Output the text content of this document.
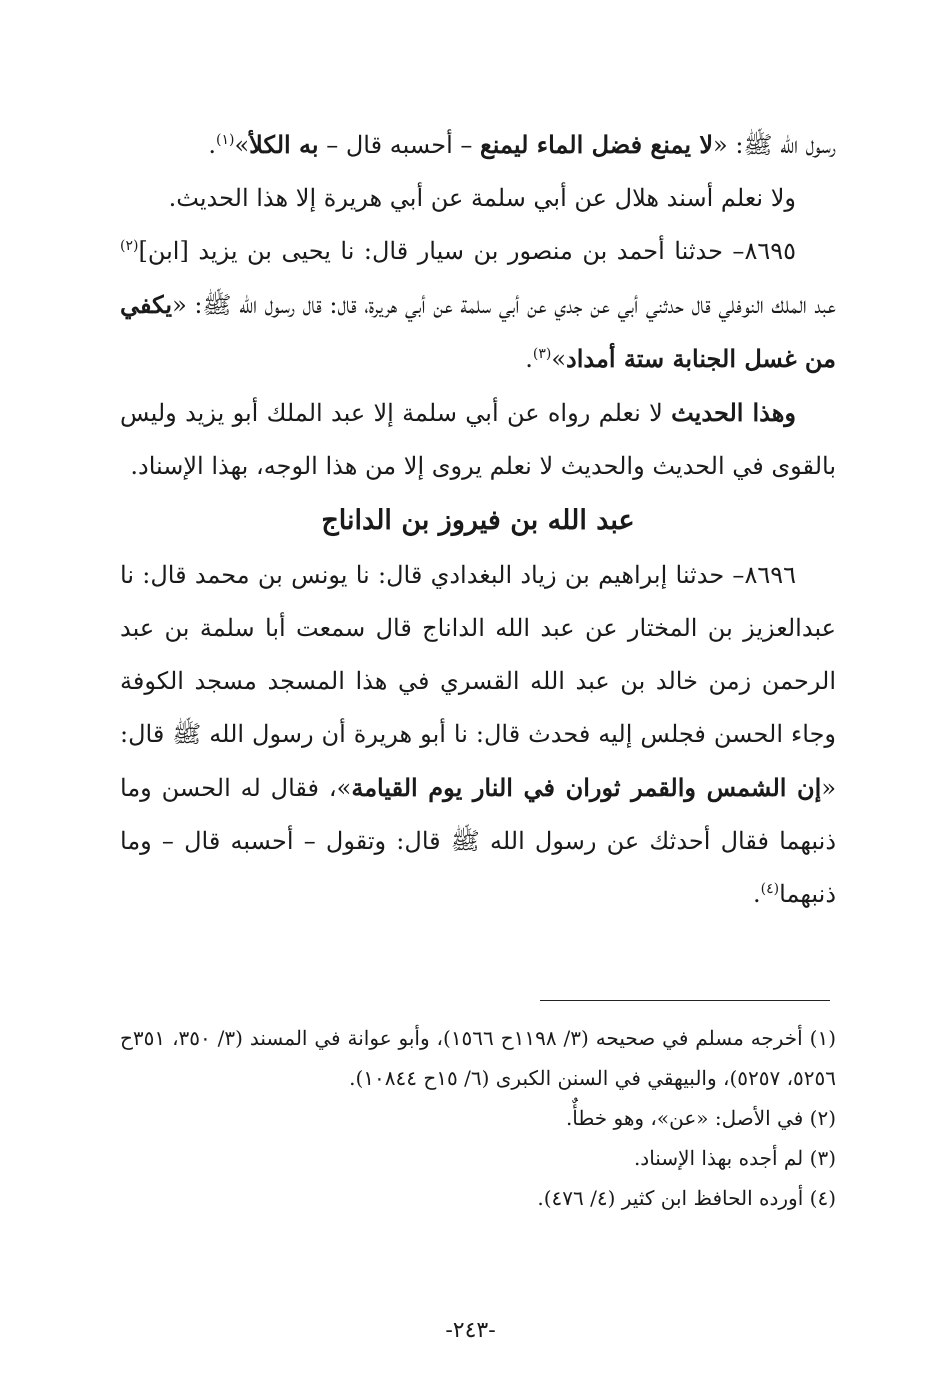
رسول الله ﷺ: «لا يمنع فضل الماء ليمنع – أحسبه قال – به الكلأ»$^{(١)}$.

ولا نعلم أسند هلال عن أبي سلمة عن أبي هريرة إلا هذا الحديث.

٨٦٩٥– حدثنا أحمد بن منصور بن سيار قال: نا يحيى بن يزيد [ابن]$^{(٢)}$ عبد الملك النوفلي قال حدثني أبي عن جدي عن أبي سلمة عن أبي هريرة، قال: قال رسول الله ﷺ: «يكفي من غسل الجنابة ستة أمداد»$^{(٣)}$.

وهذا الحديث لا نعلم رواه عن أبي سلمة إلا عبد الملك أبو يزيد وليس بالقوى في الحديث والحديث لا نعلم يروى إلا من هذا الوجه، بهذا الإسناد.

عبد الله بن فيروز بن الداناج

٨٦٩٦– حدثنا إبراهيم بن زياد البغدادي قال: نا يونس بن محمد قال: نا عبدالعزيز بن المختار عن عبد الله الداناج قال سمعت أبا سلمة بن عبد الرحمن زمن خالد بن عبد الله القسري في هذا المسجد مسجد الكوفة وجاء الحسن فجلس إليه فحدث قال: نا أبو هريرة أن رسول الله ﷺ قال: «إن الشمس والقمر ثوران في النار يوم القيامة»، فقال له الحسن وما ذنبهما فقال أحدثك عن رسول الله ﷺ قال: وتقول – أحسبه قال – وما ذنبهما$^{(٤)}$.

(١) أخرجه مسلم في صحيحه (٣/ ١١٩٨ح ١٥٦٦)، وأبو عوانة في المسند (٣/ ٣٥٠، ٣٥١ح ٥٢٥٦، ٥٢٥٧)، والبيهقي في السنن الكبرى (٦/ ١٥ح ١٠٨٤٤).

(٢) في الأصل: «عن»، وهو خطأٌ.

(٣) لم أجده بهذا الإسناد.

(٤) أورده الحافظ ابن كثير (٤/ ٤٧٦).

-٢٤٣-
